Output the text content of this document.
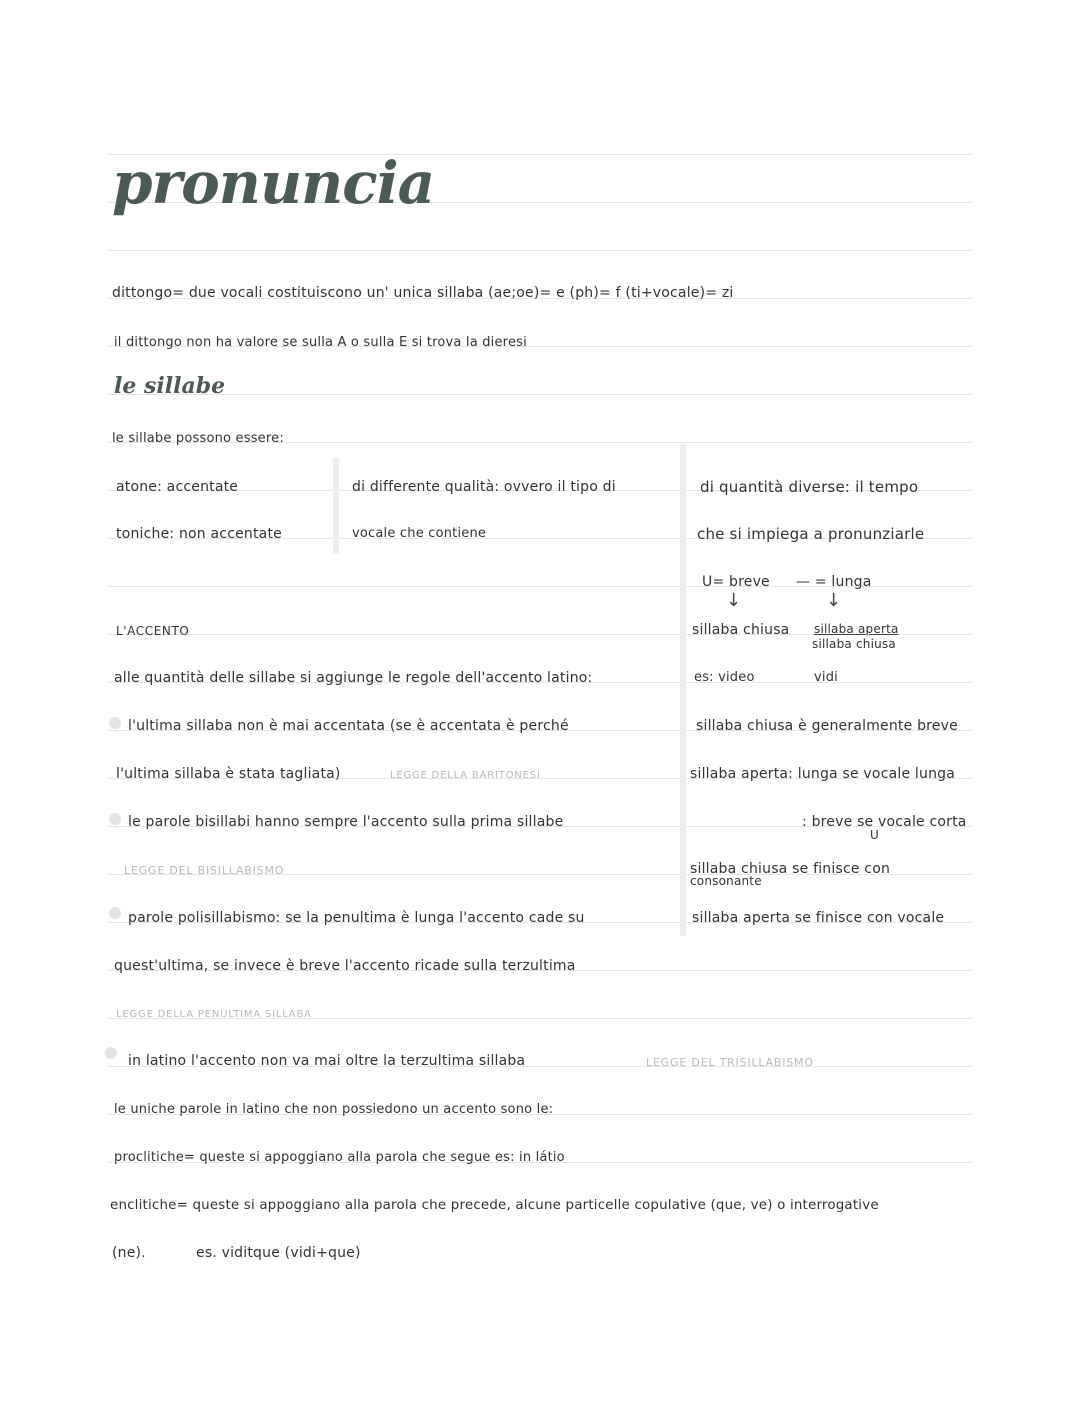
pronuncia
dittongo= due vocali costituiscono un' unica sillaba (ae;oe)= e (ph)= f (ti+vocale)= zi
il dittongo non ha valore se sulla A o sulla E si trova la dieresi
le sillabe
le sillabe possono essere:
atone: accentate
toniche: non accentate
di differente qualità: ovvero il tipo di
vocale che contiene
di quantità diverse: il tempo
che si impiega a pronunziarle
U= breve — = lunga
↓	↓
sillaba chiusa sillaba aperta
sillaba chiusa
es: video	vidi
sillaba chiusa è generalmente breve
sillaba aperta: lunga se vocale lunga
: breve se vocale corta
U
sillaba chiusa se finisce con
consonante
sillaba aperta se finisce con vocale
L'ACCENTO
alle quantità delle sillabe si aggiunge le regole dell'accento latino:
l'ultima sillaba non è mai accentata (se è accentata è perché
l'ultima sillaba è stata tagliata)	LEGGE DELLA BARITONESI
le parole bisillabi hanno sempre l'accento sulla prima sillabe
LEGGE DEL BISILLABISMO
parole polisillabismo: se la penultima è lunga l'accento cade su
quest'ultima, se invece è breve l'accento ricade sulla terzultima
LEGGE DELLA PENULTIMA SILLABA
in latino l'accento non va mai oltre la terzultima sillaba	LEGGE DEL TRISILLABISMO
le uniche parole in latino che non possiedono un accento sono le:
proclitiche= queste si appoggiano alla parola che segue es: in látio
enclitiche= queste si appoggiano alla parola che precede, alcune particelle copulative (que, ve) o interrogative
(ne).	es. viditque (vidi+que)
